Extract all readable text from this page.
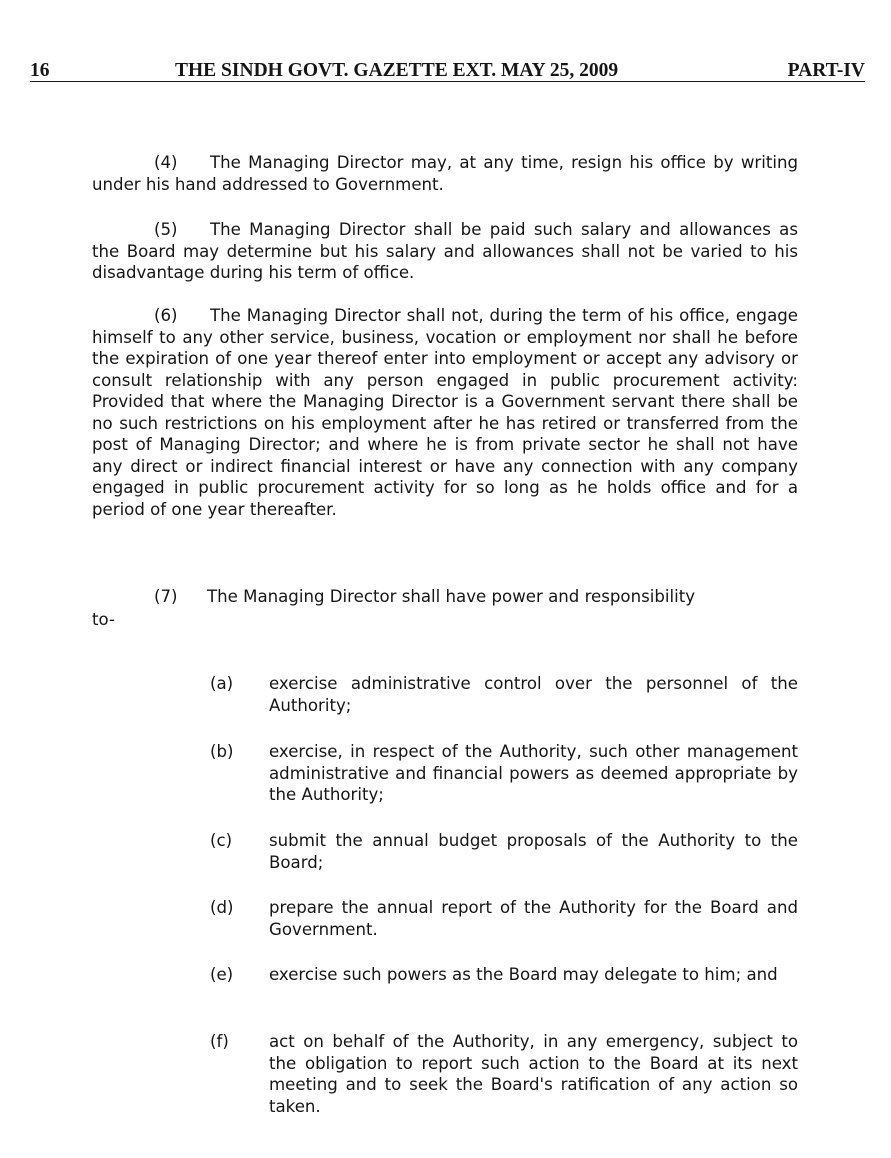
16	THE SINDH GOVT. GAZETTE EXT. MAY 25, 2009	PART-IV

(4) The Managing Director may, at any time, resign his office by writing under his hand addressed to Government.

(5) The Managing Director shall be paid such salary and allowances as the Board may determine but his salary and allowances shall not be varied to his disadvantage during his term of office.

(6) The Managing Director shall not, during the term of his office, engage himself to any other service, business, vocation or employment nor shall he before the expiration of one year thereof enter into employment or accept any advisory or consult relationship with any person engaged in public procurement activity: Provided that where the Managing Director is a Government servant there shall be no such restrictions on his employment after he has retired or transferred from the post of Managing Director; and where he is from private sector he shall not have any direct or indirect financial interest or have any connection with any company engaged in public procurement activity for so long as he holds office and for a period of one year thereafter.

(7) The Managing Director shall have power and responsibility
to-
(a) exercise administrative control over the personnel of the Authority;
(b) exercise, in respect of the Authority, such other management administrative and financial powers as deemed appropriate by the Authority;
(c) submit the annual budget proposals of the Authority to the Board;
(d) prepare the annual report of the Authority for the Board and Government.
(e) exercise such powers as the Board may delegate to him; and
(f) act on behalf of the Authority, in any emergency, subject to the obligation to report such action to the Board at its next meeting and to seek the Board's ratification of any action so taken.
